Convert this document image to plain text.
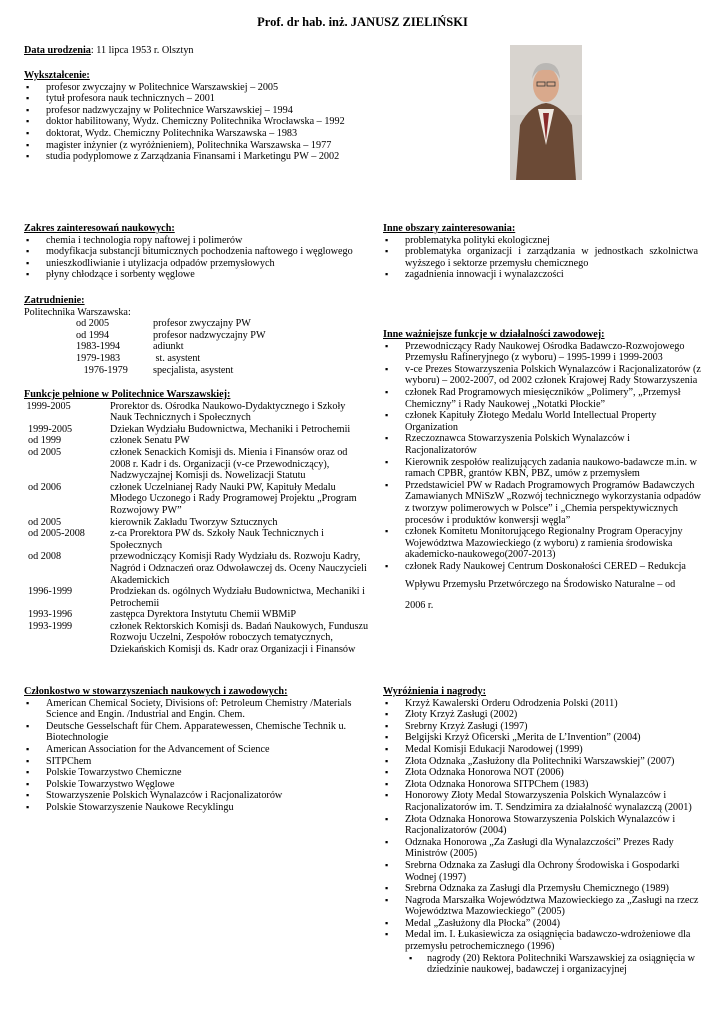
Prof. dr hab. inż. JANUSZ ZIELIŃSKI
Data urodzenia: 11 lipca 1953 r. Olsztyn
Wykształcenie:
▪ profesor zwyczajny w Politechnice Warszawskiej – 2005
▪ tytuł profesora nauk technicznych – 2001
▪ profesor nadzwyczajny w Politechnice Warszawskiej – 1994
▪ doktor habilitowany, Wydz. Chemiczny Politechnika Wrocławska – 1992
▪ doktorat, Wydz. Chemiczny Politechnika Warszawska – 1983
▪ magister inżynier (z wyróżnieniem), Politechnika Warszawska – 1977
▪ studia podyplomowe z Zarządzania Finansami i Marketingu PW – 2002
Zakres zainteresowań naukowych:
▪ chemia i technologia ropy naftowej i polimerów
▪ modyfikacja substancji bitumicznych pochodzenia naftowego i węglowego
▪ unieszkodliwianie i utylizacja odpadów przemysłowych
▪ płyny chłodzące i sorbenty węglowe
Inne obszary zainteresowania:
▪ problematyka polityki ekologicznej
▪ problematyka organizacji i zarządzania w jednostkach szkolnictwa wyższego i sektorze przemysłu chemicznego
▪ zagadnienia innowacji i wynalazczości
Zatrudnienie:
Politechnika Warszawska:
od 2005	profesor zwyczajny PW
od 1994	profesor nadzwyczajny PW
1983-1994	adiunkt
1979-1983	st. asystent
1976-1979	specjalista, asystent
Funkcje pełnione w Politechnice Warszawskiej:
1999-2005	Prorektor ds. Ośrodka Naukowo-Dydaktycznego i Szkoły Nauk Technicznych i Społecznych
1999-2005	Dziekan Wydziału Budownictwa, Mechaniki i Petrochemii
od 1999	członek Senatu PW
od 2005	członek Senackich Komisji ds. Mienia i Finansów oraz od 2008 r. Kadr i ds. Organizacji (v-ce Przewodniczący), Nadzwyczajnej Komisji ds. Nowelizacji Statutu
od 2006	członek Uczelnianej Rady Nauki PW, Kapituły Medalu Młodego Uczonego i Rady Programowej Projektu „Program Rozwojowy PW”
od 2005	kierownik Zakładu Tworzyw Sztucznych
od 2005-2008	z-ca Prorektora PW ds. Szkoły Nauk Technicznych i Społecznych
od 2008	przewodniczący Komisji Rady Wydziału ds. Rozwoju Kadry, Nagród i Odznaczeń oraz Odwoławczej ds. Oceny Nauczycieli Akademickich
1996-1999	Prodziekan ds. ogólnych Wydziału Budownictwa, Mechaniki i Petrochemii
1993-1996	zastępca Dyrektora Instytutu Chemii WBMiP
1993-1999	członek Rektorskich Komisji ds. Badań Naukowych, Funduszu Rozwoju Uczelni, Zespołów roboczych tematycznych, Dziekańskich Komisji ds. Kadr oraz Organizacji i Finansów
Inne ważniejsze funkcje w działalności zawodowej:
▪ Przewodniczący Rady Naukowej Ośrodka Badawczo-Rozwojowego Przemysłu Rafineryjnego (z wyboru) – 1995-1999 i 1999-2003
▪ v-ce Prezes Stowarzyszenia Polskich Wynalazców i Racjonalizatorów (z wyboru) – 2002-2007, od 2002 członek Krajowej Rady Stowarzyszenia
▪ członek Rad Programowych miesięczników „Polimery”, „Przemysł Chemiczny” i Rady Naukowej „Notatki Płockie”
▪ członek Kapituły Złotego Medalu World Intellectual Property Organization
▪ Rzeczoznawca Stowarzyszenia Polskich Wynalazców i Racjonalizatorów
▪ Kierownik zespołów realizujących zadania naukowo-badawcze m.in. w ramach CPBR, grantów KBN, PBZ, umów z przemysłem
▪ Przedstawiciel PW w Radach Programowych Programów Badawczych Zamawianych MNiSzW „Rozwój technicznego wykorzystania odpadów z tworzyw polimerowych w Polsce” i „Chemia perspektywicznych procesów i produktów konwersji węgla”
▪ członek Komitetu Monitorującego Regionalny Program Operacyjny Województwa Mazowieckiego (z wyboru) z ramienia środowiska akademicko-naukowego(2007-2013)
▪ członek Rady Naukowej Centrum Doskonałości CERED – Redukcja
Wpływu Przemysłu Przetwórczego na Środowisko Naturalne – od
2006 r.
Członkostwo w stowarzyszeniach naukowych i zawodowych:
▪ American Chemical Society, Divisions of: Petroleum Chemistry /Materials Science and Engin. /Industrial and Engin. Chem.
▪ Deutsche Gesselschaft für Chem. Apparatewessen, Chemische Technik u. Biotechnologie
▪ American Association for the Advancement of Science
▪ SITPChem
▪ Polskie Towarzystwo Chemiczne
▪ Polskie Towarzystwo Węglowe
▪ Stowarzyszenie Polskich Wynalazców i Racjonalizatorów
▪ Polskie Stowarzyszenie Naukowe Recyklingu
Wyróżnienia i nagrody:
▪ Krzyż Kawalerski Orderu Odrodzenia Polski (2011)
▪ Złoty Krzyż Zasługi (2002)
▪ Srebrny Krzyż Zasługi (1997)
▪ Belgijski Krzyż Oficerski „Merita de L’Invention” (2004)
▪ Medal Komisji Edukacji Narodowej (1999)
▪ Złota Odznaka „Zasłużony dla Politechniki Warszawskiej” (2007)
▪ Złota Odznaka Honorowa NOT (2006)
▪ Złota Odznaka Honorowa SITPChem (1983)
▪ Honorowy Złoty Medal Stowarzyszenia Polskich Wynalazców i Racjonalizatorów im. T. Sendzimira za działalność wynalazczą (2001)
▪ Złota Odznaka Honorowa Stowarzyszenia Polskich Wynalazców i Racjonalizatorów (2004)
▪ Odznaka Honorowa „Za Zasługi dla Wynalazczości” Prezes Rady Ministrów (2005)
▪ Srebrna Odznaka za Zasługi dla Ochrony Środowiska i Gospodarki Wodnej (1997)
▪ Srebrna Odznaka za Zasługi dla Przemysłu Chemicznego (1989)
▪ Nagroda Marszałka Województwa Mazowieckiego za „Zasługi na rzecz Województwa Mazowieckiego” (2005)
▪ Medal „Zasłużony dla Płocka” (2004)
▪ Medal im. I. Łukasiewicza za osiągnięcia badawczo-wdrożeniowe dla przemysłu petrochemicznego (1996)
▪ nagrody (20) Rektora Politechniki Warszawskiej za osiągnięcia w dziedzinie naukowej, badawczej i organizacyjnej
